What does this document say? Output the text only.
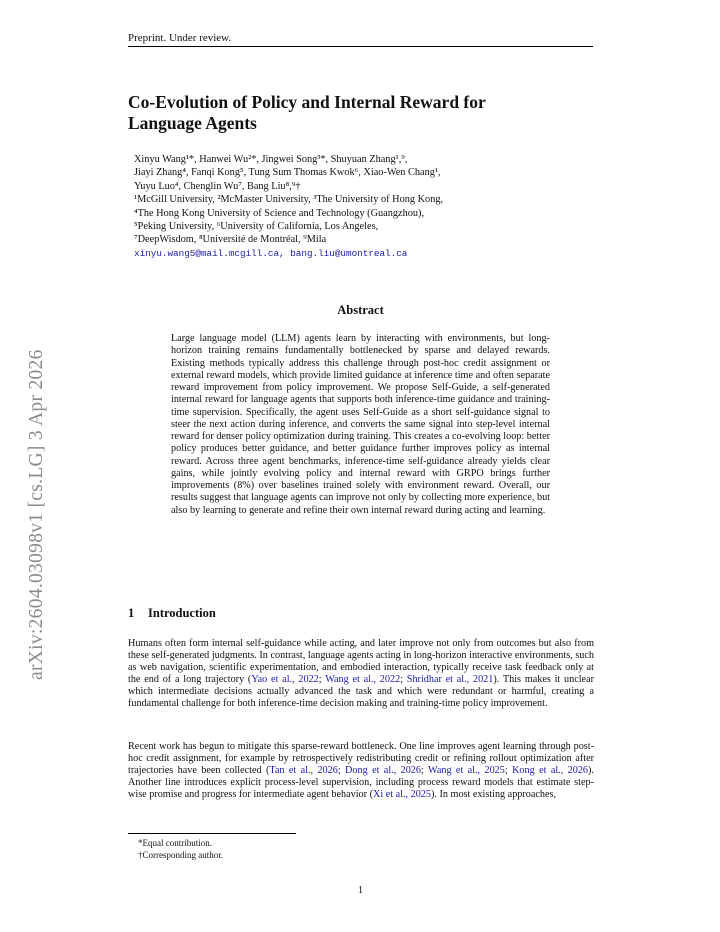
arXiv:2604.03098v1 [cs.LG] 3 Apr 2026
Preprint. Under review.
Co-Evolution of Policy and Internal Reward for
Language Agents
Xinyu Wang¹*, Hanwei Wu²*, Jingwei Song³*, Shuyuan Zhang¹,⁹,
Jiayi Zhang⁴, Fanqi Kong⁵, Tung Sum Thomas Kwok⁶, Xiao-Wen Chang¹,
Yuyu Luo⁴, Chenglin Wu⁷, Bang Liu⁸,⁹†
¹McGill University, ²McMaster University, ³The University of Hong Kong,
⁴The Hong Kong University of Science and Technology (Guangzhou),
⁵Peking University, ⁶University of California, Los Angeles,
⁷DeepWisdom, ⁸Université de Montréal, ⁹Mila
xinyu.wang5@mail.mcgill.ca, bang.liu@umontreal.ca
Abstract

Large language model (LLM) agents learn by interacting with environments, but long-horizon training remains fundamentally bottlenecked by sparse and delayed rewards. Existing methods typically address this challenge through post-hoc credit assignment or external reward models, which provide limited guidance at inference time and often separate reward improvement from policy improvement. We propose Self-Guide, a self-generated internal reward for language agents that supports both inference-time guidance and training-time supervision. Specifically, the agent uses Self-Guide as a short self-guidance signal to steer the next action during inference, and converts the same signal into step-level internal reward for denser policy optimization during training. This creates a co-evolving loop: better policy produces better guidance, and better guidance further improves policy as internal reward. Across three agent benchmarks, inference-time self-guidance already yields clear gains, while jointly evolving policy and internal reward with GRPO brings further improvements (8%) over baselines trained solely with environment reward. Overall, our results suggest that language agents can improve not only by collecting more experience, but also by learning to generate and refine their own internal reward during acting and learning.

1 Introduction

Humans often form internal self-guidance while acting, and later improve not only from outcomes but also from these self-generated judgments. In contrast, language agents acting in long-horizon interactive environments, such as web navigation, scientific experimentation, and embodied interaction, typically receive task feedback only at the end of a long trajectory (Yao et al., 2022; Wang et al., 2022; Shridhar et al., 2021). This makes it unclear which intermediate decisions actually advanced the task and which were redundant or harmful, creating a fundamental challenge for both inference-time decision making and training-time policy improvement.

Recent work has begun to mitigate this sparse-reward bottleneck. One line improves agent learning through post-hoc credit assignment, for example by retrospectively redistributing credit or refining rollout optimization after trajectories have been collected (Tan et al., 2026; Dong et al., 2026; Wang et al., 2025; Kong et al., 2026). Another line introduces explicit process-level supervision, including process reward models that estimate step-wise promise and progress for intermediate agent behavior (Xi et al., 2025). In most existing approaches,

*Equal contribution.
†Corresponding author.
1
